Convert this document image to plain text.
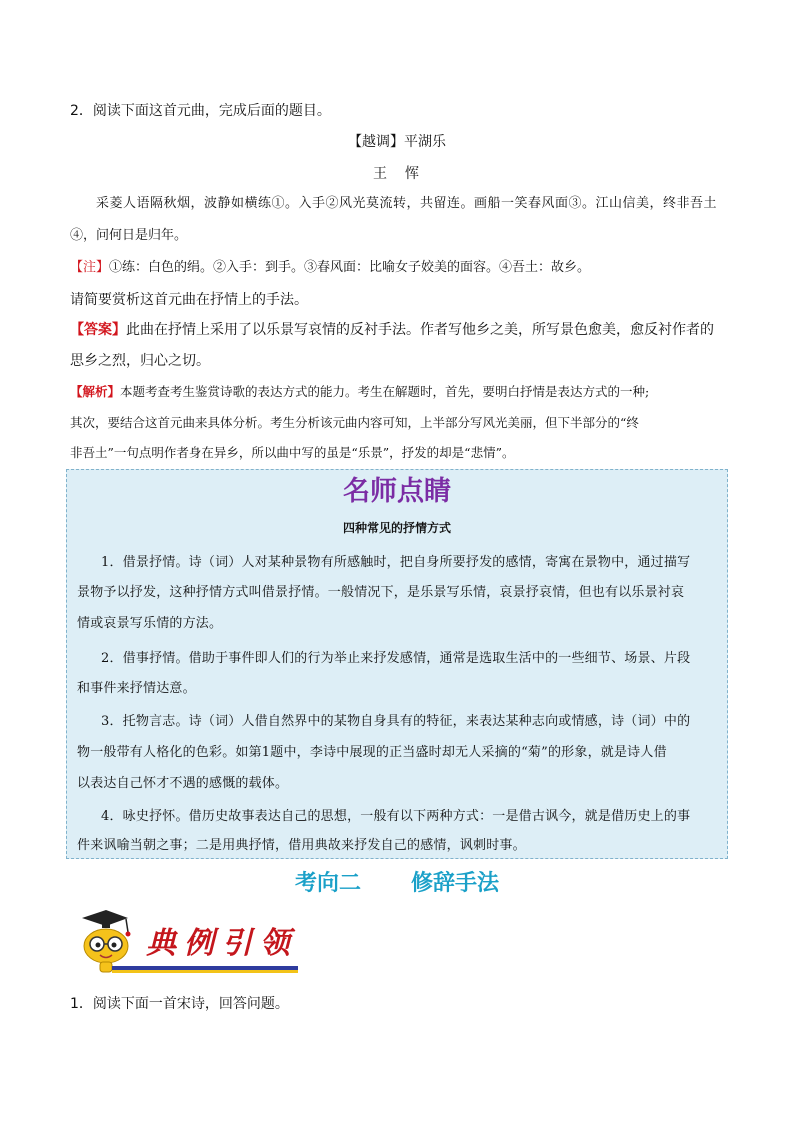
2．阅读下面这首元曲，完成后面的题目。
【越调】平湖乐
王　恽
采菱人语隔秋烟，波静如横练①。入手②风光莫流转，共留连。画船一笑春风面③。江山信美，终非吾土
④，问何日是归年。
【注】①练：白色的绢。②入手：到手。③春风面：比喻女子姣美的面容。④吾土：故乡。
请简要赏析这首元曲在抒情上的手法。
【答案】此曲在抒情上采用了以乐景写哀情的反衬手法。作者写他乡之美，所写景色愈美，愈反衬作者的
思乡之烈，归心之切。
【解析】本题考查考生鉴赏诗歌的表达方式的能力。考生在解题时，首先，要明白抒情是表达方式的一种;
其次，要结合这首元曲来具体分析。考生分析该元曲内容可知，上半部分写风光美丽，但下半部分的“终
非吾土”一句点明作者身在异乡，所以曲中写的虽是“乐景”，抒发的却是“悲情”。
名师点睛
四种常见的抒情方式
1．借景抒情。诗（词）人对某种景物有所感触时，把自身所要抒发的感情，寄寓在景物中，通过描写
景物予以抒发，这种抒情方式叫借景抒情。一般情况下，是乐景写乐情，哀景抒哀情，但也有以乐景衬哀
情或哀景写乐情的方法。
2．借事抒情。借助于事件即人们的行为举止来抒发感情，通常是选取生活中的一些细节、场景、片段
和事件来抒情达意。
3．托物言志。诗（词）人借自然界中的某物自身具有的特征，来表达某种志向或情感，诗（词）中的
物一般带有人格化的色彩。如第1题中，李诗中展现的正当盛时却无人采摘的“菊”的形象，就是诗人借
以表达自己怀才不遇的感慨的载体。
4．咏史抒怀。借历史故事表达自己的思想，一般有以下两种方式：一是借古讽今，就是借历史上的事
件来讽喻当朝之事；二是用典抒情，借用典故来抒发自己的感情，讽刺时事。
考向二 修辞手法
典例引领
1．阅读下面一首宋诗，回答问题。
